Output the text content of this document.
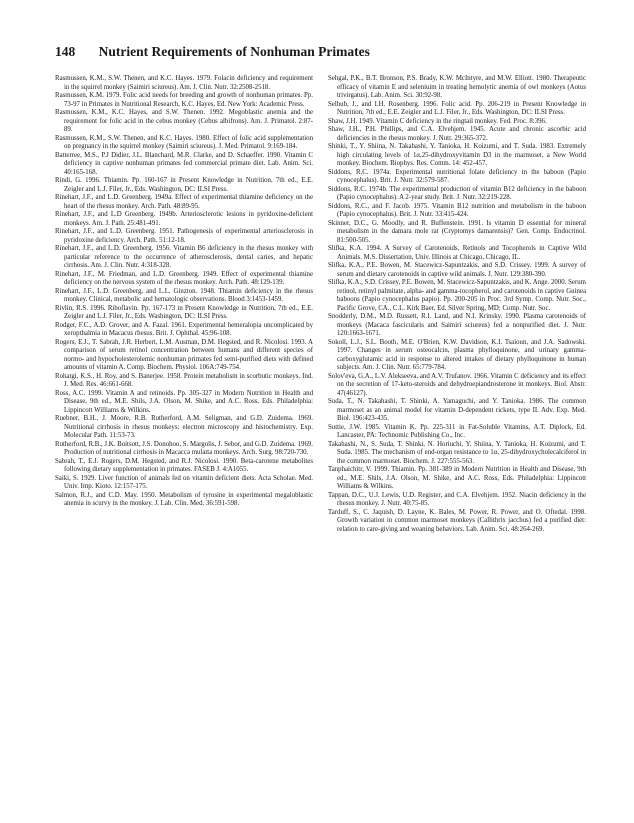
148 Nutrient Requirements of Nonhuman Primates

Rasmussen, K.M., S.W. Thenen, and K.C. Hayes. 1979. Folacin deficiency and requirement in the squirrel monkey (Saimiri sciureus). Am. J. Clin. Nutr. 32:2508-2518.

Rasmussen, K.M. 1979. Folic acid needs for breeding and growth of nonhuman primates. Pp. 73-97 in Primates in Nutritional Research, K.C. Hayes, Ed. New York: Academic Press.

Rasmussen, K.M., K.C. Hayes, and S.W. Thenen. 1992. Megoblastic anemia and the requirement for folic acid in the cebus monkey (Cebus albifrons). Am. J. Primatol. 2:87-89.

Rasmussen, K.M., S.W. Thenen, and K.C. Hayes. 1980. Effect of folic acid supplementation on pregnancy in the squirrel monkey (Saimiri sciureus). J. Med. Primatol. 9:169-184.

Batterree, M.S., P.J Didier, J.L. Blanchard, M.R. Clarke, and D. Schaeffer. 1990. Vitamin C deficiency in captive nonhuman primates fed commercial primate diet. Lab. Anim. Sci. 40:165-168.

Rindi, G. 1996. Thiamin. Pp. 160-167 in Present Knowledge in Nutrition, 7th ed., E.E. Zeigler and L.J. Filer, Jr., Eds. Washington, DC: ILSI Press.

Rinehart, J.F., and L.D. Greenberg. 1949a. Effect of experimental thiamine deficiency on the heart of the rhesus monkey. Arch. Path. 48:89-95.

Rinehart, J.F., and L.D Greenberg. 1949b. Arteriosclerotic lesions in pyridoxine-deficient monkeys. Am. J. Path. 25:481-491.

Rinehart, J.F., and L.D. Greenberg. 1951. Pathogenesis of experimental arteriosclerosis in pyridoxine deficiency. Arch. Path. 51:12-18.

Rinehart, J.F., and L.D. Greenberg. 1956. Vitamin B6 deficiency in the rhesus monkey with particular reference to the occurrence of atherosclerosis, dental caries, and hepatic cirrhosis. Am. J. Clin. Nutr. 4:318-328.

Rinehart, J.F., M. Friedman, and L.D. Greenberg. 1949. Effect of experimental thiamine deficiency on the nervous system of the rhesus monkey. Arch. Path. 48:129-139.

Rinehart, J.F., L.D. Greenberg, and L.L. Ginzton. 1948. Thiamin deficiency in the rhesus monkey. Clinical, metabolic and hematologic observations. Blood 3:1453-1459.

Rivlin, R.S. 1996. Riboflavin. Pp. 167-173 in Present Knowledge in Nutrition, 7th ed., E.E. Zeigler and L.J. Filer, Jr., Eds. Washington, DC: ILSI Press.

Rodger, F.C., A.D. Grover, and A. Fazal. 1961. Experimental hemeralopia uncomplicated by xeropthalmia in Macacus rhesus. Brit. J. Ophthal. 45:96-108.

Rogers, E.J., T. Sabrah, J.R. Herbert, L.M. Ausman, D.M. Hegsted, and R. Nicolosi. 1993. A comparison of serum retinol concentration between humans and different species of normo- and hypocholesterolemic nonhuman primates fed semi-purified diets with defined amounts of vitamin A. Comp. Biochem. Physiol. 106A:749-754.

Rohatgi, K.S., H. Roy, and S. Banerjee. 1958. Protein metabolism in scorbutic monkeys. Ind. J. Med. Res. 46:661-668.

Ross, A.C. 1999. Vitamin A and retinoids. Pp. 305-327 in Modern Nutrition in Health and Disease, 9th ed., M.E. Shils, J.A. Olson, M. Shike, and A.C. Ross, Eds. Philadelphia: Lippincott Williams & Wilkins.

Ruebner, B.H., J. Moore, R.B. Rutherford, A.M. Seligman, and G.D. Zuidema. 1969. Nutritional cirrhosis in rhesus monkeys: electron microscopy and histochemistry. Exp. Molecular Path. 11:53-73.

Rutherford, R.B., J.K. Boitsott, J.S. Donohoo, S. Margolis, J. Sebor, and G.D. Zuidema. 1969. Production of nutritional cirrhosis in Macacca mulatta monkeys. Arch. Surg. 98:720-730.

Sabrah, T., E.J. Rogers, D.M. Hegsted, and R.J. Nicolosi. 1990. Beta-carotene metabolites following dietary supplementation in primates. FASEB J. 4:A1055.

Saiki, S. 1929. Liver function of animals fed on vitamin deficient diets. Acta Scholae. Med. Univ. Imp. Kioto. 12:157-175.

Salmon, R.J., and C.D. May. 1950. Metabolism of tyrosine in experimental megaloblastic anemia in scurvy in the monkey. J. Lab. Clin. Med. 36:591-598.

Sehgal, P.K., B.T. Bronson, P.S. Brady, K.W. McIntyre, and M.W. Elliott. 1980. Therapeutic efficacy of vitamin E and seleniuim in treating hemolytic anemia of owl monkeys (Aotus trivirgatus). Lab. Anim. Sci. 30:92-98.

Selhub, J., and I.H. Rosenberg. 1996. Folic acid. Pp. 206-219 in Present Knowledge in Nutrition, 7th ed., E.E. Zeigler and L.J. Filer, Jr., Eds. Washington, DC: ILSI Press.

Shaw, J.H. 1949. Vitamin C deficiency in the ringtail monkey. Fed. Proc. 8:396.

Shaw, J.H., P.H. Phillips, and C.A. Elvehjem. 1945. Acute and chronic ascorbic acid deficiencies in the rhesus monkey. J. Nutr. 29:365-372.

Shinki, T., Y. Shiina, N. Takahashi, Y. Tanioka, H. Koizumi, and T. Suda. 1983. Extremely high circulating levels of 1α,25-dihydroxyvitamin D3 in the marmoset, a New World monkey. Biochem. Biophys. Res. Comm. 14: 452-457.

Siddons, R.C. 1974a. Experimental nutritional folate deficiency in the baboon (Papio cynocephalus). Brit. J. Nutr. 32:579-587.

Siddons, R.C. 1974b. The experimental production of vitamin B12 deficiency in the baboon (Papio cynocephalus). A 2-year study. Brit. J. Nutr. 32:219-228.

Siddons, R.C., and F. Jacob. 1975. Vitamin B12 nutrition and metabolism in the baboon (Papio cynocephalus). Brit. J. Nutr. 33:415-424.

Skinner, D.C., G. Moodly, and R. Buffenstein. 1991. Is vitamin D essential for mineral metabolism in the damara mole rat (Cryptomys damarensis)? Gen. Comp. Endocrinol. 81:500-505.

Slifka, K.A. 1994. A Survey of Carotenoids, Retinols and Tocopherols in Captive Wild Animals. M.S. Dissertation, Univ. Illinois at Chicago, Chicago, IL.

Slifka, K.A., P.E. Bowen, M. Stacewicz-Sapuntzakis, and S.D. Crissey. 1999. A survey of serum and dietary carotenoids in captive wild animals. J. Nutr. 129:380-390.

Slifka, K.A., S.D. Crissey, P.E. Bowen, M. Stacewicz-Sapuntzakis, and K. Ange. 2000. Serum retinol, retinyl palmitate, alpha- and gamma-tocopherol, and carotenoids in captive Guinea baboons (Papio cynocephalus papio). Pp. 200-205 in Proc. 3rd Symp. Comp. Nutr. Soc., Pacific Grove, CA., C.L. Kirk Baer, Ed. Silver Spring, MD: Comp. Nutr. Soc.

Snodderly, D.M., M.D. Russett, R.I. Land, and N.I. Krinsky. 1990. Plasma carotenoids of monkeys (Macaca fascicularis and Saimiri sciureus) fed a nonpurified diet. J. Nutr. 120:1663-1671.

Sokoll, L.J., S.L. Booth, M.E. O'Brien, K.W. Davidson, K.I. Tsaioun, and J.A. Sadowski. 1997. Changes in serum osteocalcin, plasma phylloquinone, and urinary gamma-carboxyglutamic acid in response to altered intakes of dietary phylloquinone in human subjects. Am. J. Clin. Nutr. 65:779-784.

Solov'eva, G.A., L.V. Alekseeva, and A.V. Trufanov. 1966. Vitamin C deficiency and its effect on the secretion of 17-keto-steroids and dehydroepiandrosterone in monkeys. Biol. Abstr. 47(46127).

Suda, T., N. Takahashi, T. Shinki, A. Yamaguchi, and Y. Tanioka. 1986. The common marmoset as an animal model for vitamin D-dependent rickets, type II. Adv. Exp. Med. Biol. 196:423-435.

Suttie, J.W. 1985. Vitamin K. Pp. 225-311 in Fat-Soluble Vitamins, A.T. Diplock, Ed. Lancaster, PA: Technomic Publishing Co., Inc.

Takahashi, N., S. Suda, T. Shinki, N. Horiuchi, Y. Shiina, Y. Tanioka, H. Koizumi, and T. Suda. 1985. The mechanism of end-organ resistance to 1α, 25-dihydroxycholecalciferol in the common marmoset. Biochem. J. 227:555-563.

Tanphaichitr, V. 1999. Thiamin. Pp. 381-389 in Modern Nutrition in Health and Disease, 9th ed., M.E. Shils, J.A. Olson, M. Shike, and A.C. Ross, Eds. Philadelphia: Lippincott Williams & Wilkins.

Tappan, D.C., U.J. Lewis, U.D. Register, and C.A. Elvehjem. 1952. Niacin deficiency in the rhesus monkey. J. Nutr. 40:75-85.

Tarduff, S., C. Jaquish, D. Layne, K. Bales, M. Power, R. Power, and O. Oftedal. 1998. Growth variation in common marmoset monkeys (Callithrix jacchus) fed a purified diet: relation to care-giving and weaning behaviors. Lab. Anim. Sci. 48:264-269.
